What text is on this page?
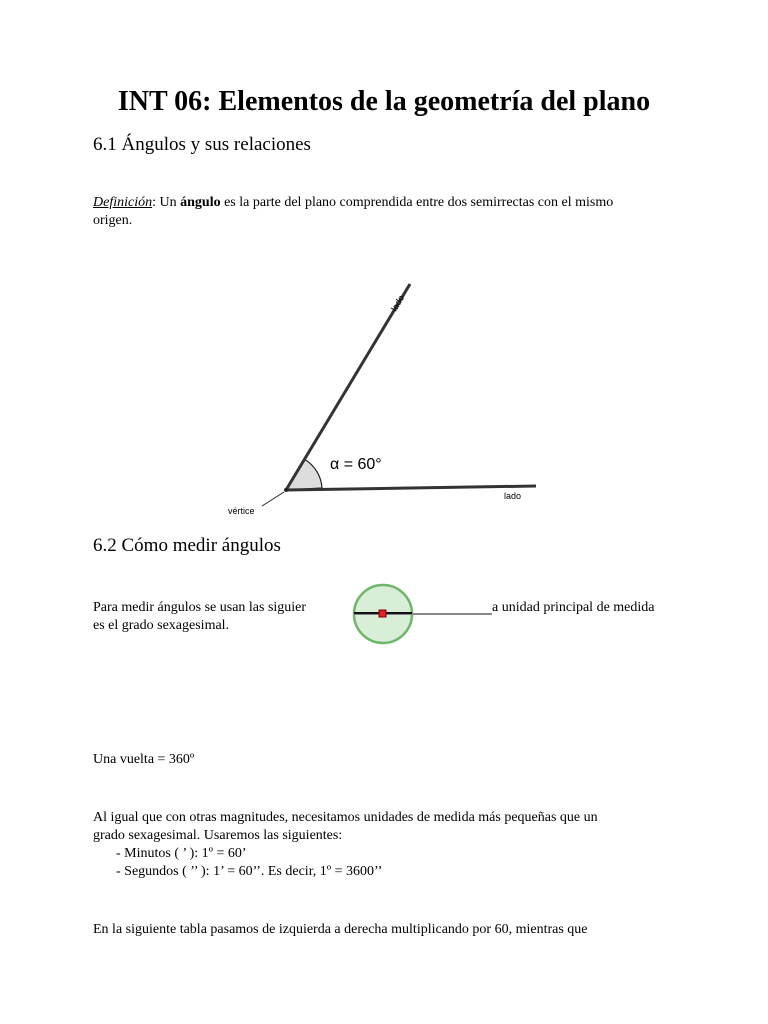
INT 06: Elementos de la geometría del plano
6.1 Ángulos y sus relaciones
Definición: Un ángulo es la parte del plano comprendida entre dos semirrectas con el mismo
origen.
lado
lado
vértice
α = 60°
6.2 Cómo medir ángulos
Para medir ángulos se usan las siguier	a unidad principal de medida
es el grado sexagesimal.
Una vuelta = 360º
Al igual que con otras magnitudes, necesitamos unidades de medida más pequeñas que un
grado sexagesimal. Usaremos las siguientes:
- Minutos ( ’ ): 1º = 60’
- Segundos ( ’’ ): 1’ = 60’’. Es decir, 1º = 3600’’
En la siguiente tabla pasamos de izquierda a derecha multiplicando por 60, mientras que
